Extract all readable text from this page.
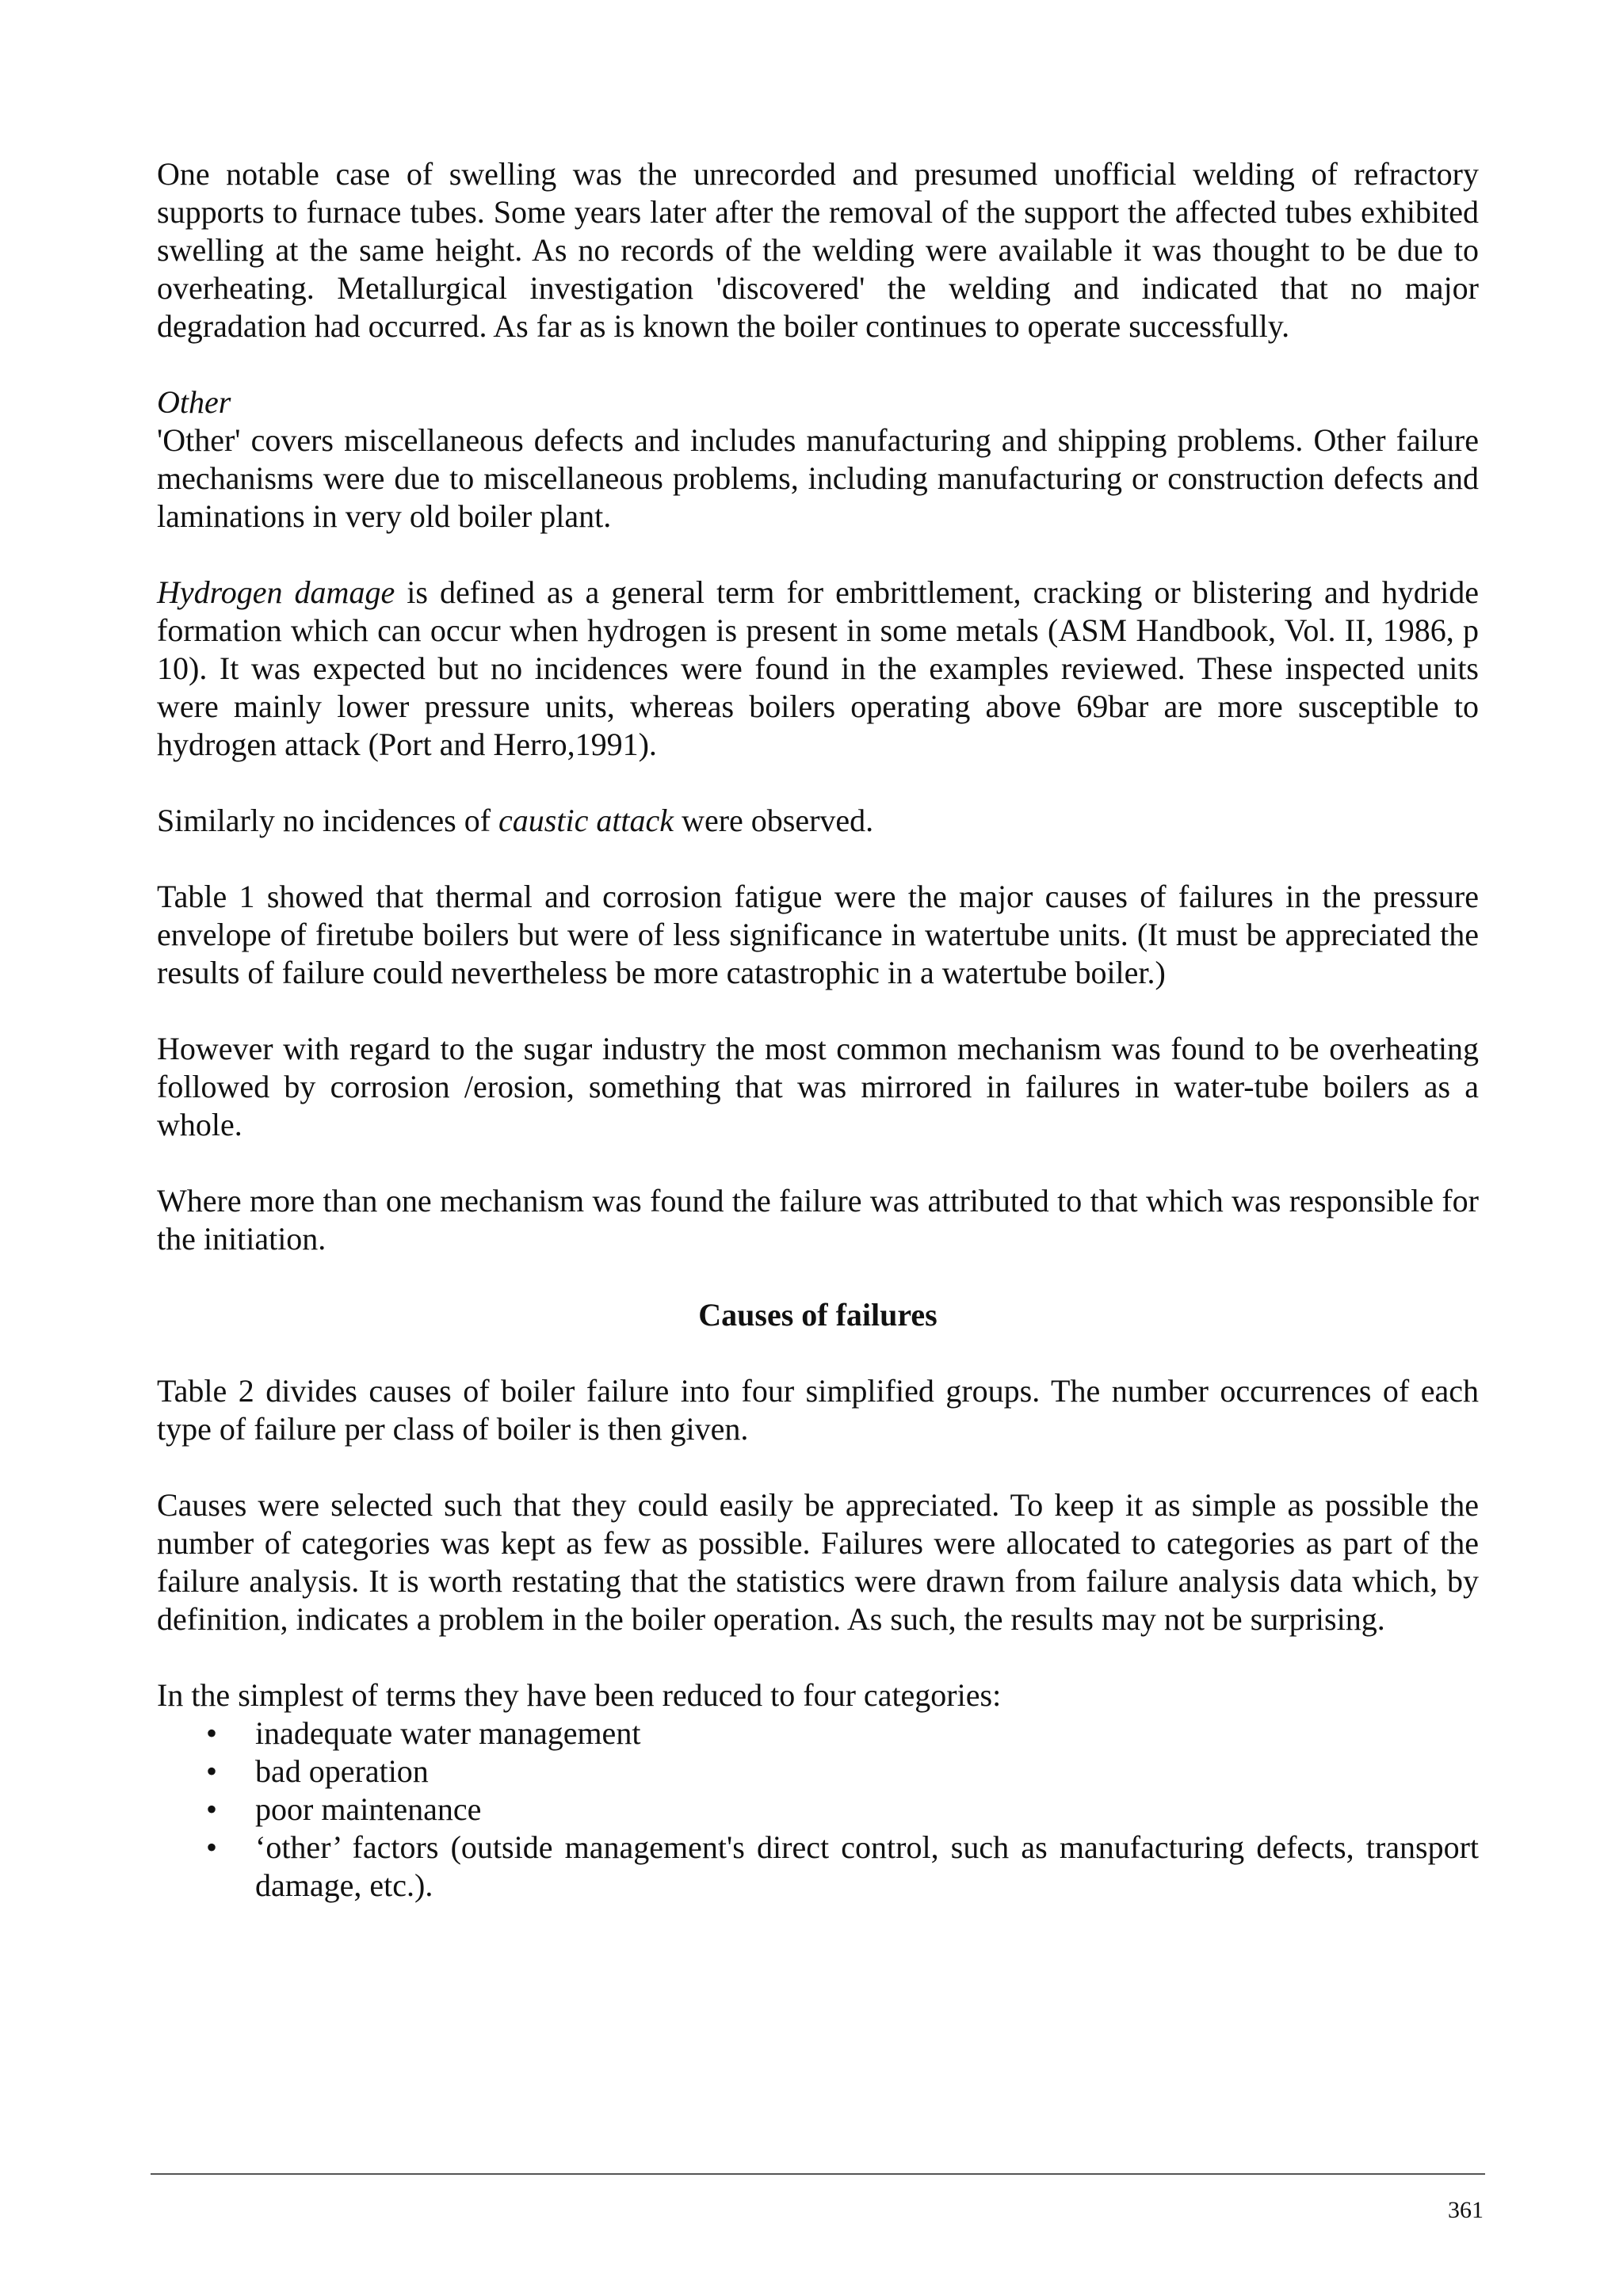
One notable case of swelling was the unrecorded and presumed unofficial welding of refractory supports to furnace tubes. Some years later after the removal of the support the affected tubes exhibited swelling at the same height. As no records of the welding were available it was thought to be due to overheating. Metallurgical investigation 'discovered' the welding and indicated that no major degradation had occurred. As far as is known the boiler continues to operate successfully.

Other

'Other' covers miscellaneous defects and includes manufacturing and shipping problems. Other failure mechanisms were due to miscellaneous problems, including manufacturing or construction defects and laminations in very old boiler plant.

Hydrogen damage is defined as a general term for embrittlement, cracking or blistering and hydride formation which can occur when hydrogen is present in some metals (ASM Handbook, Vol. II, 1986, p 10). It was expected but no incidences were found in the examples reviewed. These inspected units were mainly lower pressure units, whereas boilers operating above 69bar are more susceptible to hydrogen attack (Port and Herro,1991).

Similarly no incidences of caustic attack were observed.

Table 1 showed that thermal and corrosion fatigue were the major causes of failures in the pressure envelope of firetube boilers but were of less significance in watertube units. (It must be appreciated the results of failure could nevertheless be more catastrophic in a watertube boiler.)

However with regard to the sugar industry the most common mechanism was found to be overheating followed by corrosion /erosion, something that was mirrored in failures in water-tube boilers as a whole.

Where more than one mechanism was found the failure was attributed to that which was responsible for the initiation.

Causes of failures

Table 2 divides causes of boiler failure into four simplified groups. The number occurrences of each type of failure per class of boiler is then given.

Causes were selected such that they could easily be appreciated. To keep it as simple as possible the number of categories was kept as few as possible. Failures were allocated to categories as part of the failure analysis. It is worth restating that the statistics were drawn from failure analysis data which, by definition, indicates a problem in the boiler operation. As such, the results may not be surprising.

In the simplest of terms they have been reduced to four categories:

• inadequate water management
• bad operation
• poor maintenance
• ‘other’ factors (outside management's direct control, such as manufacturing defects, transport damage, etc.).
361
